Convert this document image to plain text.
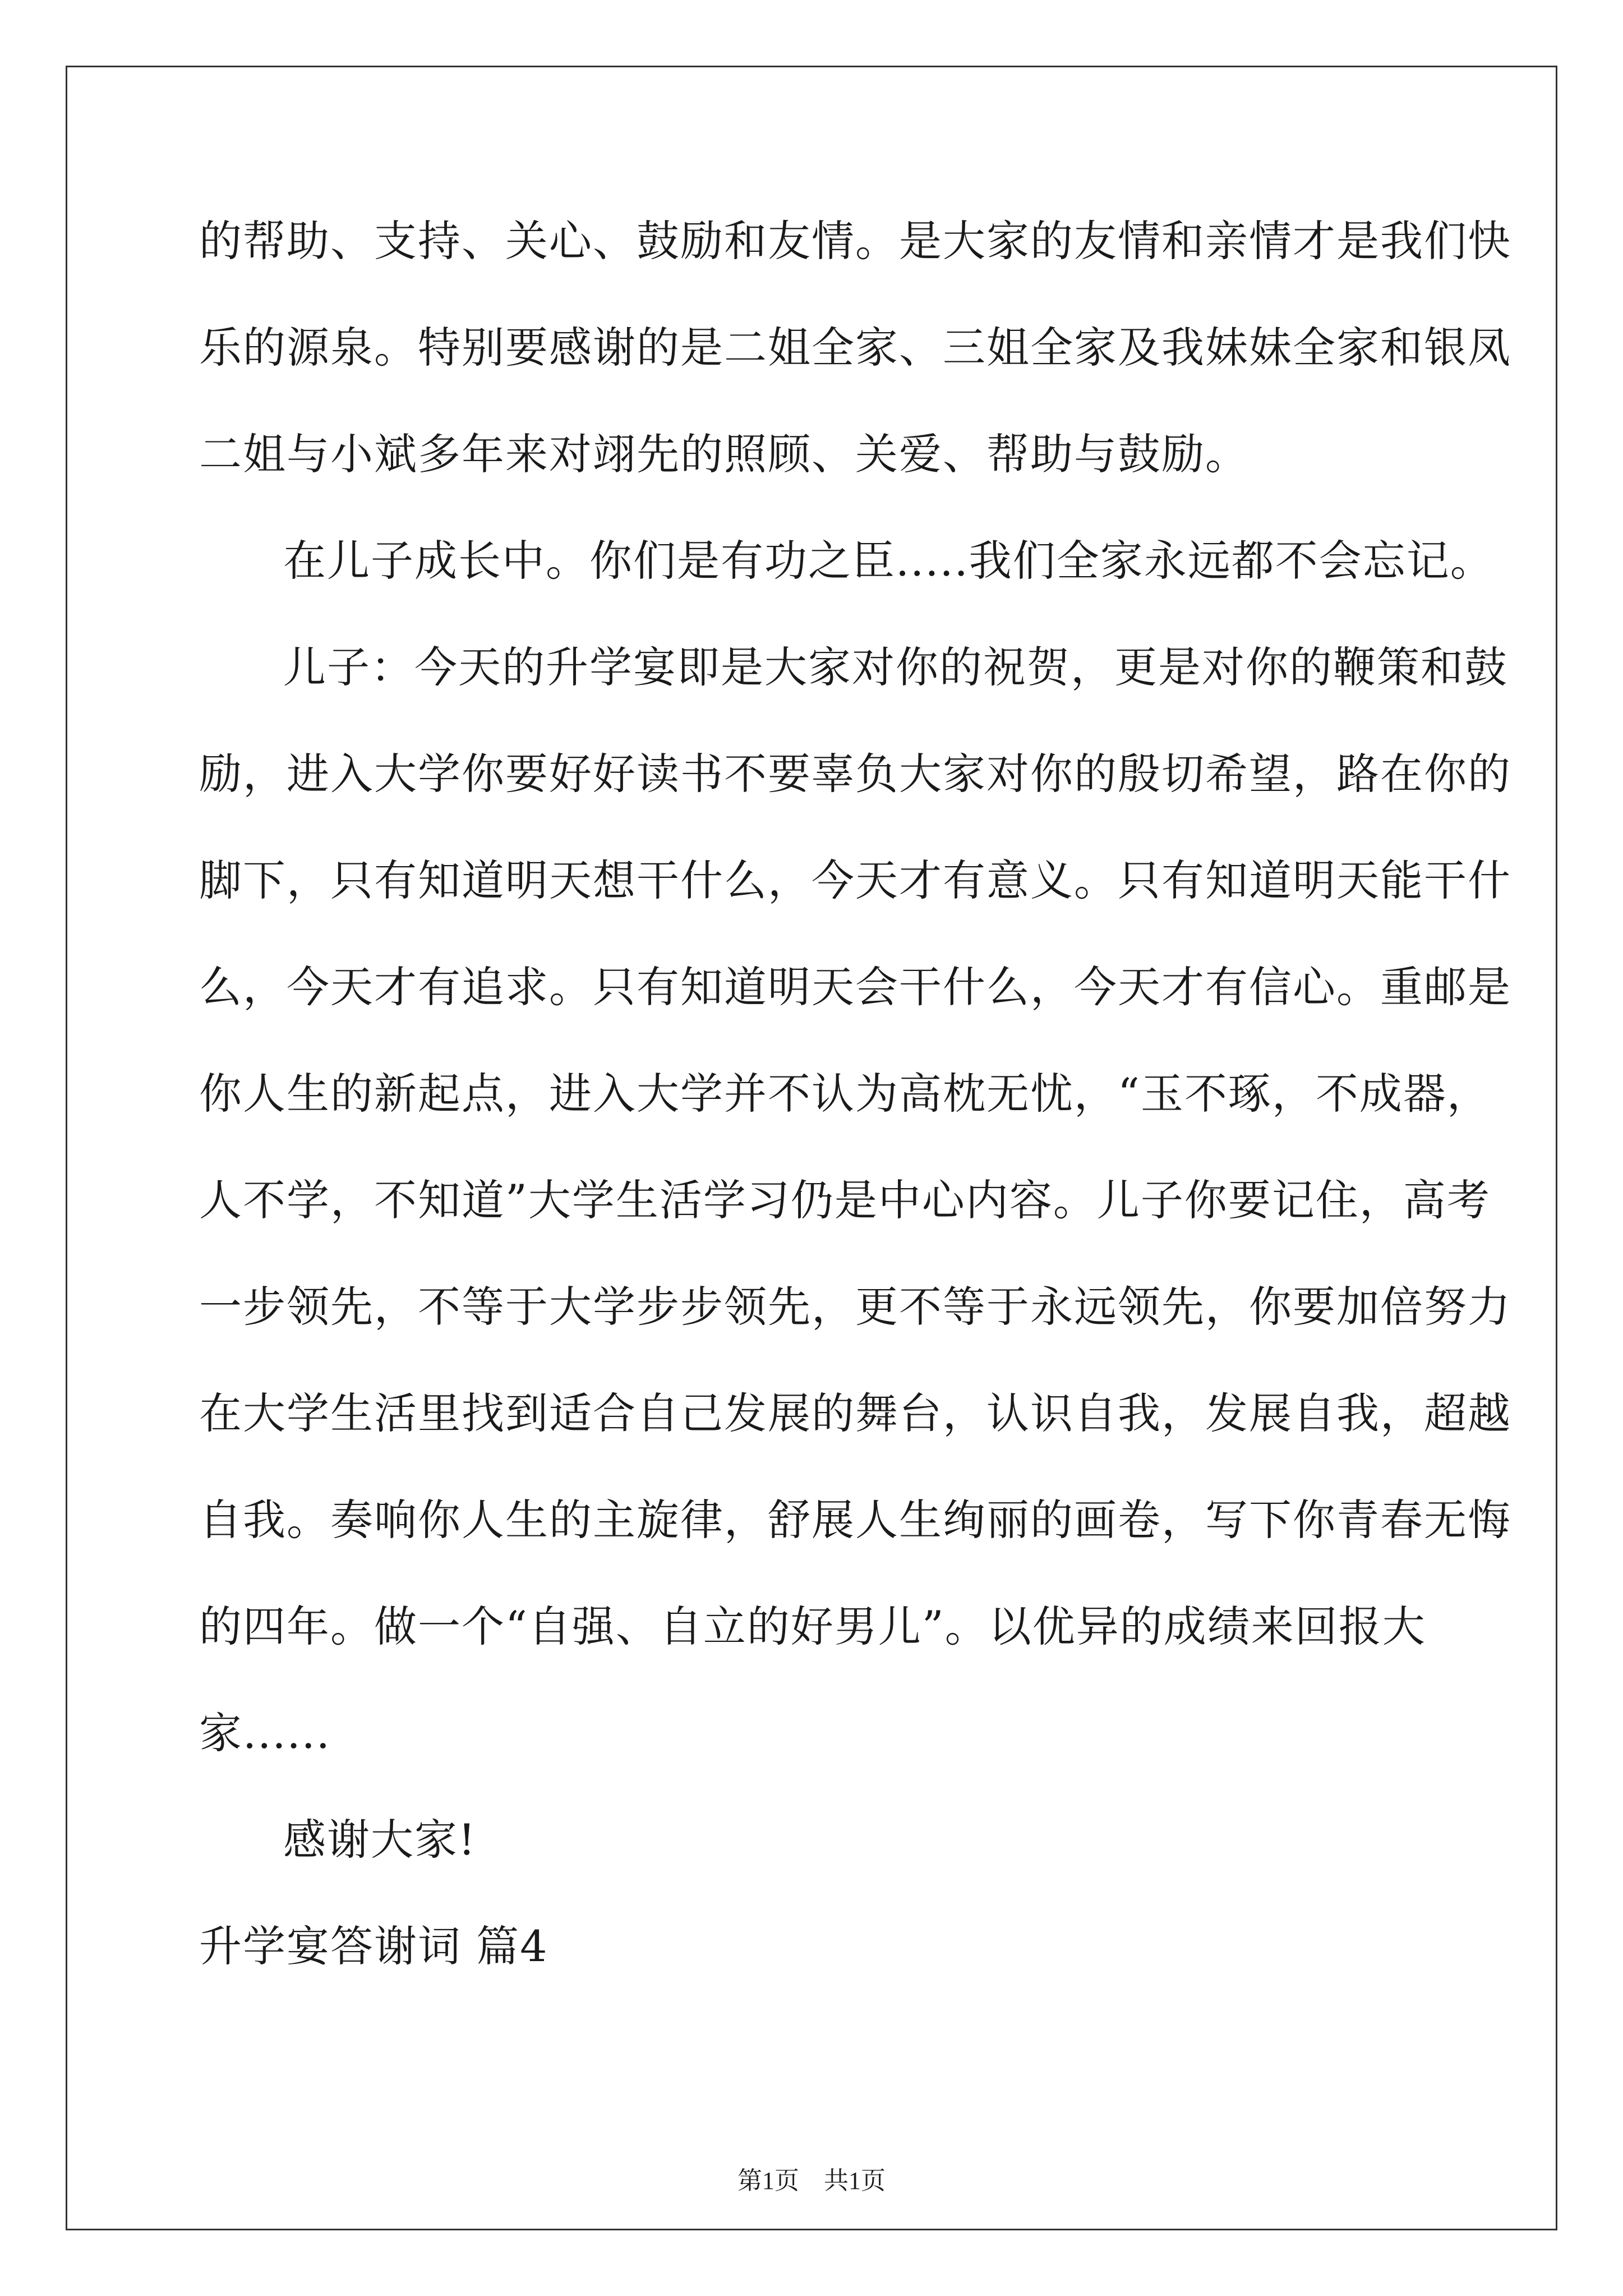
的帮助、支持、关心、鼓励和友情。是大家的友情和亲情才是我们快
乐的源泉。特别要感谢的是二姐全家、三姐全家及我妹妹全家和银凤
二姐与小斌多年来对翊先的照顾、关爱、帮助与鼓励。
在儿子成长中。你们是有功之臣.....我们全家永远都不会忘记。
儿子：今天的升学宴即是大家对你的祝贺，更是对你的鞭策和鼓
励，进入大学你要好好读书不要辜负大家对你的殷切希望，路在你的
脚下，只有知道明天想干什么，今天才有意义。只有知道明天能干什
么，今天才有追求。只有知道明天会干什么，今天才有信心。重邮是
你人生的新起点，进入大学并不认为高枕无忧，“玉不琢，不成器，
人不学，不知道”大学生活学习仍是中心内容。儿子你要记住，高考
一步领先，不等于大学步步领先，更不等于永远领先，你要加倍努力
在大学生活里找到适合自己发展的舞台，认识自我，发展自我，超越
自我。奏响你人生的主旋律，舒展人生绚丽的画卷，写下你青春无悔
的四年。做一个“自强、自立的好男儿”。以优异的成绩来回报大
家......
感谢大家!
升学宴答谢词 篇4
第1页　共1页
